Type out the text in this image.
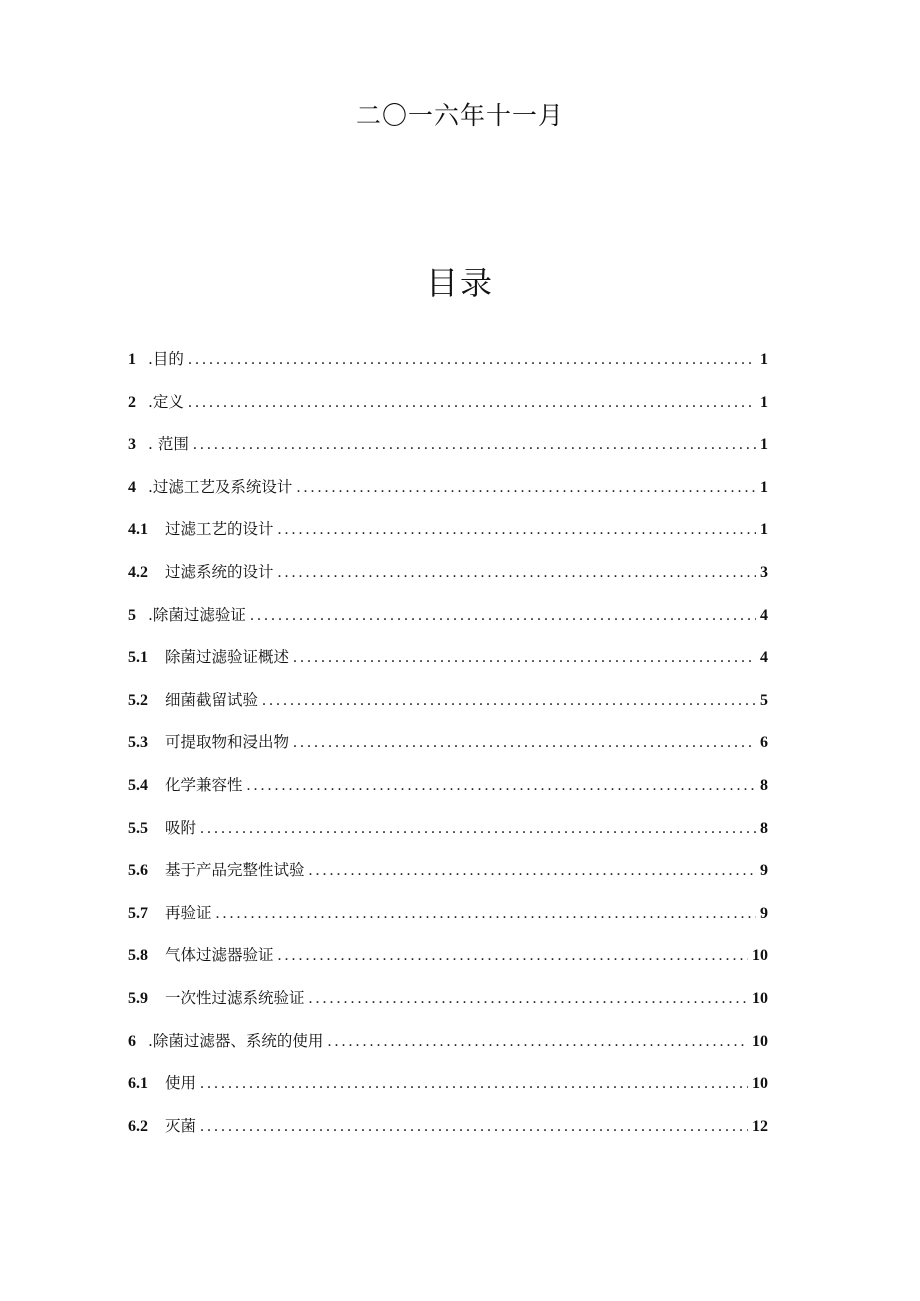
二〇一六年十一月
目录
1 .目的 . . .	1
2 .定义 . . .	1
3 . 范围 . . .	1
4 .过滤工艺及系统设计 . . .	1
4.1	过滤工艺的设计 . . .	1
4.2	过滤系统的设计 . . .	3
5 .除菌过滤验证 . . .	4
5.1	除菌过滤验证概述 . . .	4
5.2	细菌截留试验 . . .	5
5.3	可提取物和浸出物 . . .	6
5.4	化学兼容性 . . .	8
5.5	吸附 . . .	8
5.6	基于产品完整性试验 . . .	9
5.7	再验证 . . .	9
5.8	气体过滤器验证 . . .	10
5.9	一次性过滤系统验证 . . .	10
6 .除菌过滤器、系统的使用 . . .	10
6.1	使用 . . .	10
6.2	灭菌 . . .	12
